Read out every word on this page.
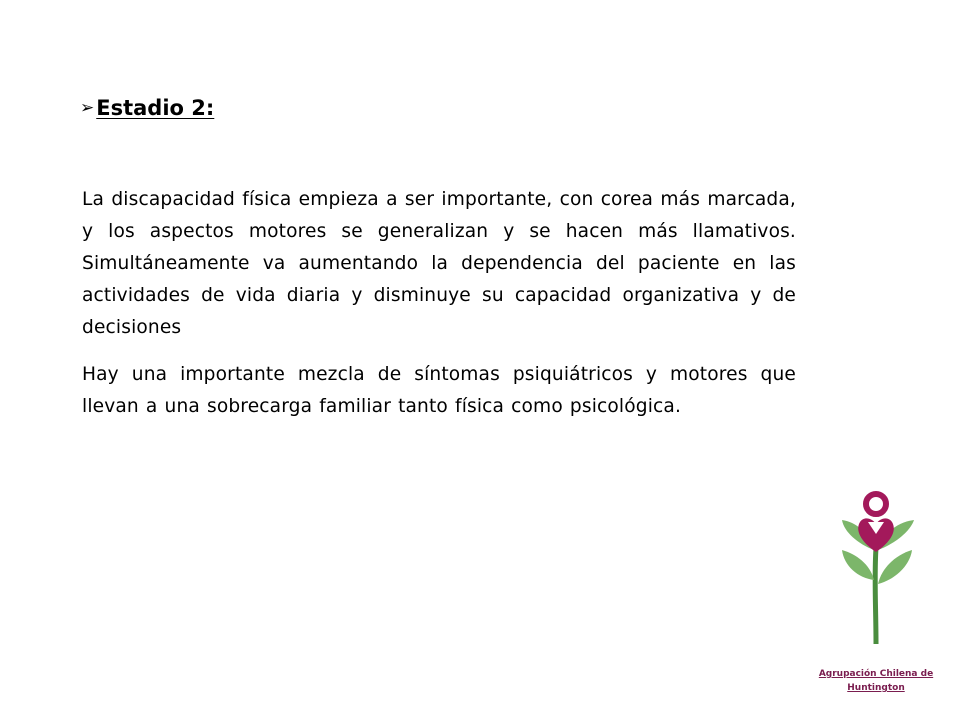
➢ Estadio 2:
La discapacidad física empieza a ser importante, con corea más marcada, y los aspectos motores se generalizan y se hacen más llamativos. Simultáneamente va aumentando la dependencia del paciente en las actividades de vida diaria y disminuye su capacidad organizativa y de decisiones
Hay una importante mezcla de síntomas psiquiátricos y motores que llevan a una sobrecarga familiar tanto física como psicológica.
Agrupación Chilena de
Huntington
